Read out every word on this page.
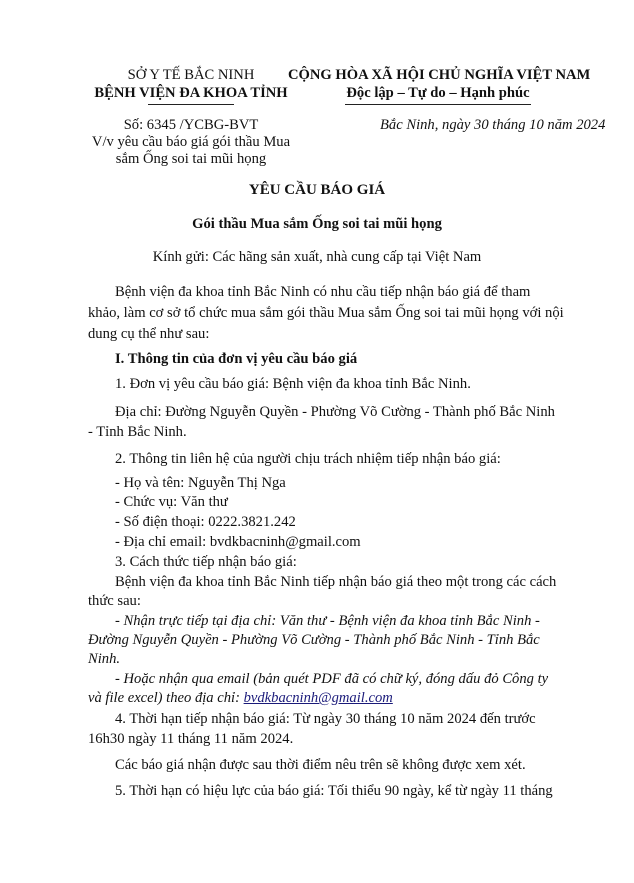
SỞ Y TẾ BẮC NINH
BỆNH VIỆN ĐA KHOA TỈNH
CỘNG HÒA XÃ HỘI CHỦ NGHĨA VIỆT NAM
Độc lập – Tự do – Hạnh phúc
Số: 6345 /YCBG-BVT
V/v yêu cầu báo giá gói thầu Mua
sắm Ống soi tai mũi họng
Bắc Ninh, ngày 30 tháng 10 năm 2024
YÊU CẦU BÁO GIÁ
Gói thầu Mua sắm Ống soi tai mũi họng
Kính gửi: Các hãng sản xuất, nhà cung cấp tại Việt Nam
Bệnh viện đa khoa tỉnh Bắc Ninh có nhu cầu tiếp nhận báo giá để tham
khảo, làm cơ sở tổ chức mua sắm gói thầu Mua sắm Ống soi tai mũi họng với nội
dung cụ thể như sau:
I. Thông tin của đơn vị yêu cầu báo giá
1. Đơn vị yêu cầu báo giá: Bệnh viện đa khoa tỉnh Bắc Ninh.
Địa chỉ: Đường Nguyễn Quyền - Phường Võ Cường - Thành phố Bắc Ninh
- Tỉnh Bắc Ninh.
2. Thông tin liên hệ của người chịu trách nhiệm tiếp nhận báo giá:
- Họ và tên: Nguyễn Thị Nga
- Chức vụ: Văn thư
- Số điện thoại: 0222.3821.242
- Địa chỉ email: bvdkbacninh@gmail.com
3. Cách thức tiếp nhận báo giá:
Bệnh viện đa khoa tỉnh Bắc Ninh tiếp nhận báo giá theo một trong các cách
thức sau:
- Nhận trực tiếp tại địa chỉ: Văn thư - Bệnh viện đa khoa tỉnh Bắc Ninh -
Đường Nguyễn Quyền - Phường Võ Cường - Thành phố Bắc Ninh - Tỉnh Bắc
Ninh.
- Hoặc nhận qua email (bản quét PDF đã có chữ ký, đóng dấu đỏ Công ty
và file excel) theo địa chỉ: bvdkbacninh@gmail.com
4. Thời hạn tiếp nhận báo giá: Từ ngày 30 tháng 10 năm 2024 đến trước
16h30 ngày 11 tháng 11 năm 2024.
Các báo giá nhận được sau thời điểm nêu trên sẽ không được xem xét.
5. Thời hạn có hiệu lực của báo giá: Tối thiểu 90 ngày, kể từ ngày 11 tháng
